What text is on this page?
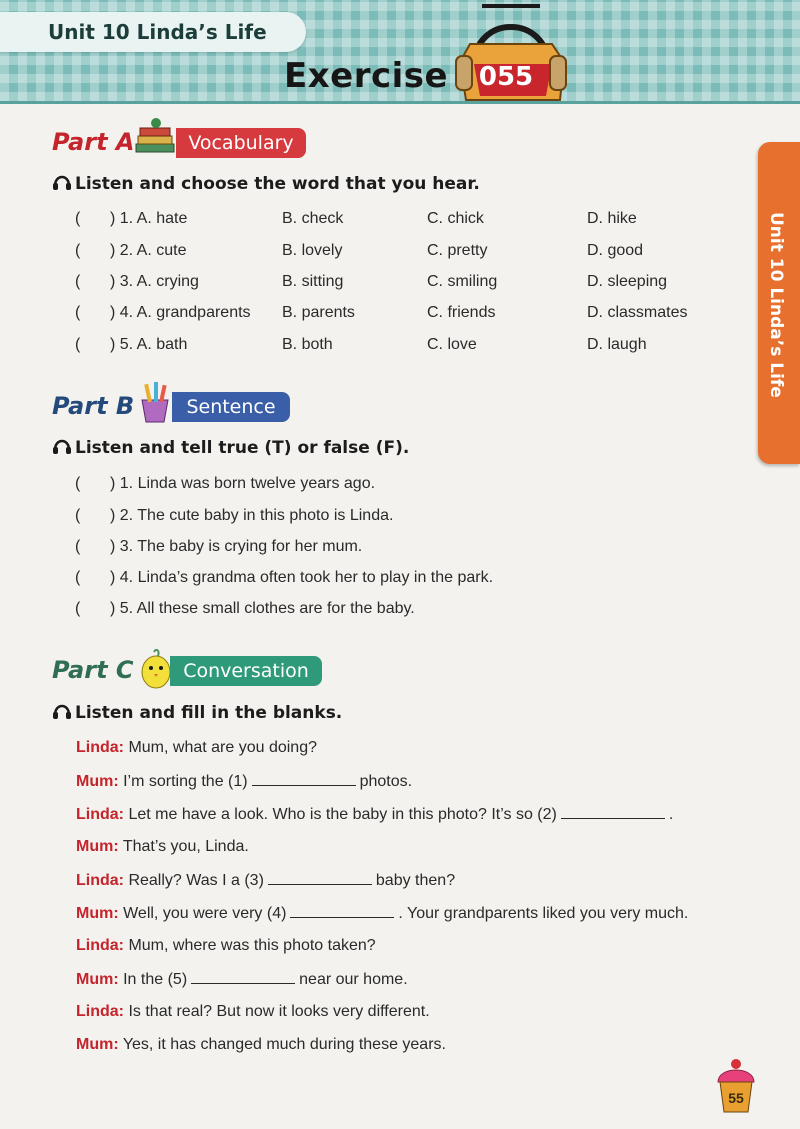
Unit 10 Linda’s Life
Exercise 055
Unit 10 Linda’s Life
Part A	Vocabulary
Listen and choose the word that you hear.
( ) 1. A. hate	B. check	C. chick	D. hike
( ) 2. A. cute	B. lovely	C. pretty	D. good
( ) 3. A. crying	B. sitting	C. smiling	D. sleeping
( ) 4. A. grandparents B. parents	C. friends	D. classmates
( ) 5. A. bath	B. both	C. love	D. laugh
Part B	Sentence
Listen and tell true (T) or false (F).
( ) 1. Linda was born twelve years ago.
( ) 2. The cute baby in this photo is Linda.
( ) 3. The baby is crying for her mum.
( ) 4. Linda’s grandma often took her to play in the park.
( ) 5. All these small clothes are for the baby.
Part C	Conversation
Listen and fill in the blanks.
Linda: Mum, what are you doing?
Mum: I’m sorting the (1)	photos.
Linda: Let me have a look. Who is the baby in this photo? It’s so (2)	.
Mum: That’s you, Linda.
Linda: Really? Was I a (3)	baby then?
Mum: Well, you were very (4)	. Your grandparents liked you very much.
Linda: Mum, where was this photo taken?
Mum: In the (5)	near our home.
Linda: Is that real? But now it looks very different.
Mum: Yes, it has changed much during these years.
55
